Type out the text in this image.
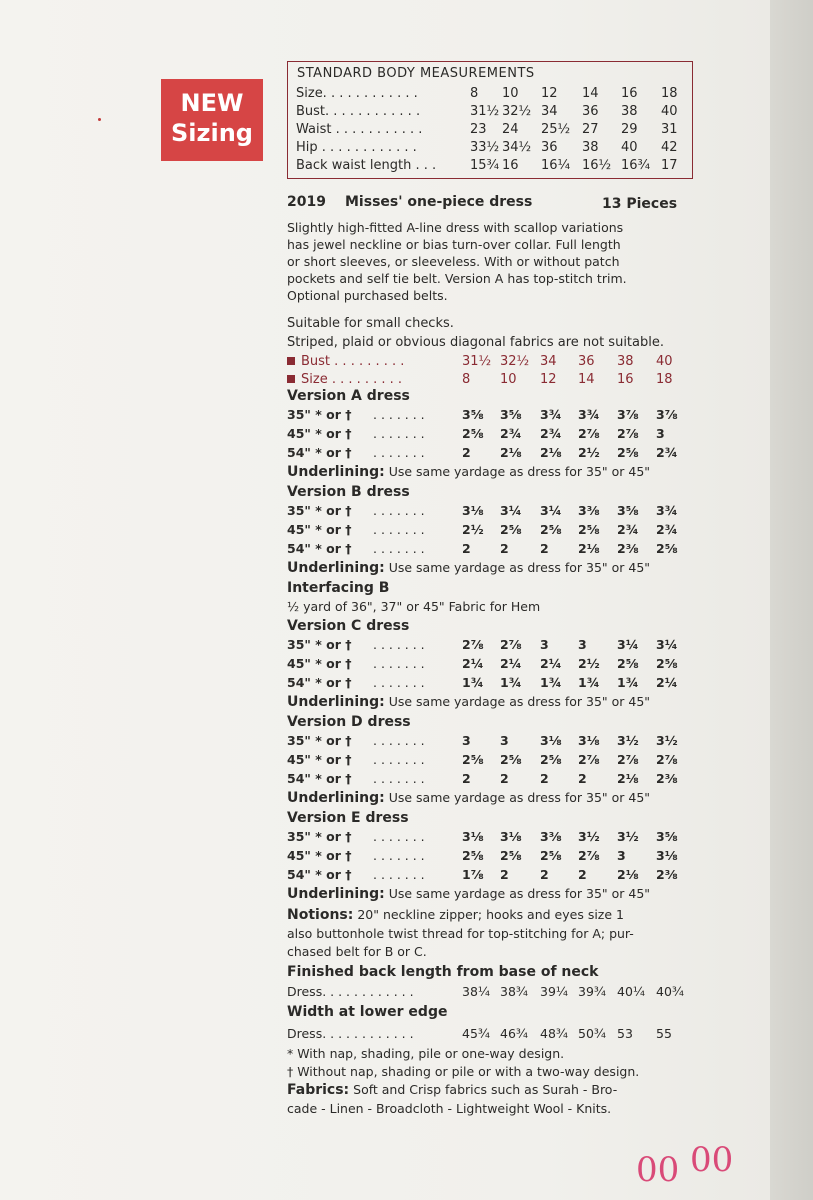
NEW
Sizing
STANDARD BODY MEASUREMENTS
Size. . . . . . . . . . . .	8 10 12 14 16 18
Bust. . . . . . . . . . . .	31½ 32½ 34 36 38 40
Waist . . . . . . . . . . .	23 24 25½ 27 29 31
Hip . . . . . . . . . . . .	33½ 34½ 36 38 40 42
Back waist length . . .	15¾ 16 16¼ 16½ 16¾ 17
2019 Misses' one-piece dress	13 Pieces
Slightly high-fitted A-line dress with scallop variations
has jewel neckline or bias turn-over collar. Full length
or short sleeves, or sleeveless. With or without patch
pockets and self tie belt. Version A has top-stitch trim.
Optional purchased belts.
Suitable for small checks.
Striped, plaid or obvious diagonal fabrics are not suitable.
Bust . . . . . . . . .	31½ 32½ 34 36 38 40
Size . . . . . . . . .	8 10 12 14 16 18
Version A dress
35" * or † . . . . . . .	3⅝ 3⅝ 3¾ 3¾ 3⅞ 3⅞
45" * or † . . . . . . .	2⅝ 2¾ 2¾ 2⅞ 2⅞ 3
54" * or † . . . . . . .	2 2⅛ 2⅛ 2½ 2⅝ 2¾
Underlining: Use same yardage as dress for 35" or 45"
Version B dress
35" * or † . . . . . . .	3⅛ 3¼ 3¼ 3⅜ 3⅝ 3¾
45" * or † . . . . . . .	2½ 2⅝ 2⅝ 2⅝ 2¾ 2¾
54" * or † . . . . . . .	2 2	2 2⅛ 2⅜ 2⅝
Underlining: Use same yardage as dress for 35" or 45"
Interfacing B
½ yard of 36", 37" or 45" Fabric for Hem
Version C dress
35" * or † . . . . . . .	2⅞ 2⅞ 3 3 3¼ 3¼
45" * or † . . . . . . .	2¼ 2¼ 2¼ 2½ 2⅝ 2⅝
54" * or † . . . . . . .	1¾ 1¾ 1¾ 1¾ 1¾ 2¼
Underlining: Use same yardage as dress for 35" or 45"
Version D dress
35" * or † . . . . . . .	3 3	3⅛ 3⅛ 3½ 3½
45" * or † . . . . . . .	2⅝ 2⅝ 2⅝ 2⅞ 2⅞ 2⅞
54" * or † . . . . . . .	2 2	2 2 2⅛ 2⅜
Underlining: Use same yardage as dress for 35" or 45"
Version E dress
35" * or † . . . . . . .	3⅛ 3⅛ 3⅜ 3½ 3½ 3⅝
45" * or † . . . . . . .	2⅝ 2⅝ 2⅝ 2⅞ 3 3⅛
54" * or † . . . . . . .	1⅞ 2	2 2 2⅛ 2⅜
Underlining: Use same yardage as dress for 35" or 45"
Notions: 20" neckline zipper; hooks and eyes size 1
also buttonhole twist thread for top-stitching for A; pur-
chased belt for B or C.
Finished back length from base of neck
Dress. . . . . . . . . . . .	38¼ 38¾ 39¼ 39¾ 40¼ 40¾
Width at lower edge
Dress. . . . . . . . . . . .	45¾ 46¾ 48¾ 50¾ 53 55
* With nap, shading, pile or one-way design.
† Without nap, shading or pile or with a two-way design.
Fabrics: Soft and Crisp fabrics such as Surah - Bro-
cade - Linen - Broadcloth - Lightweight Wool - Knits.
00 00
